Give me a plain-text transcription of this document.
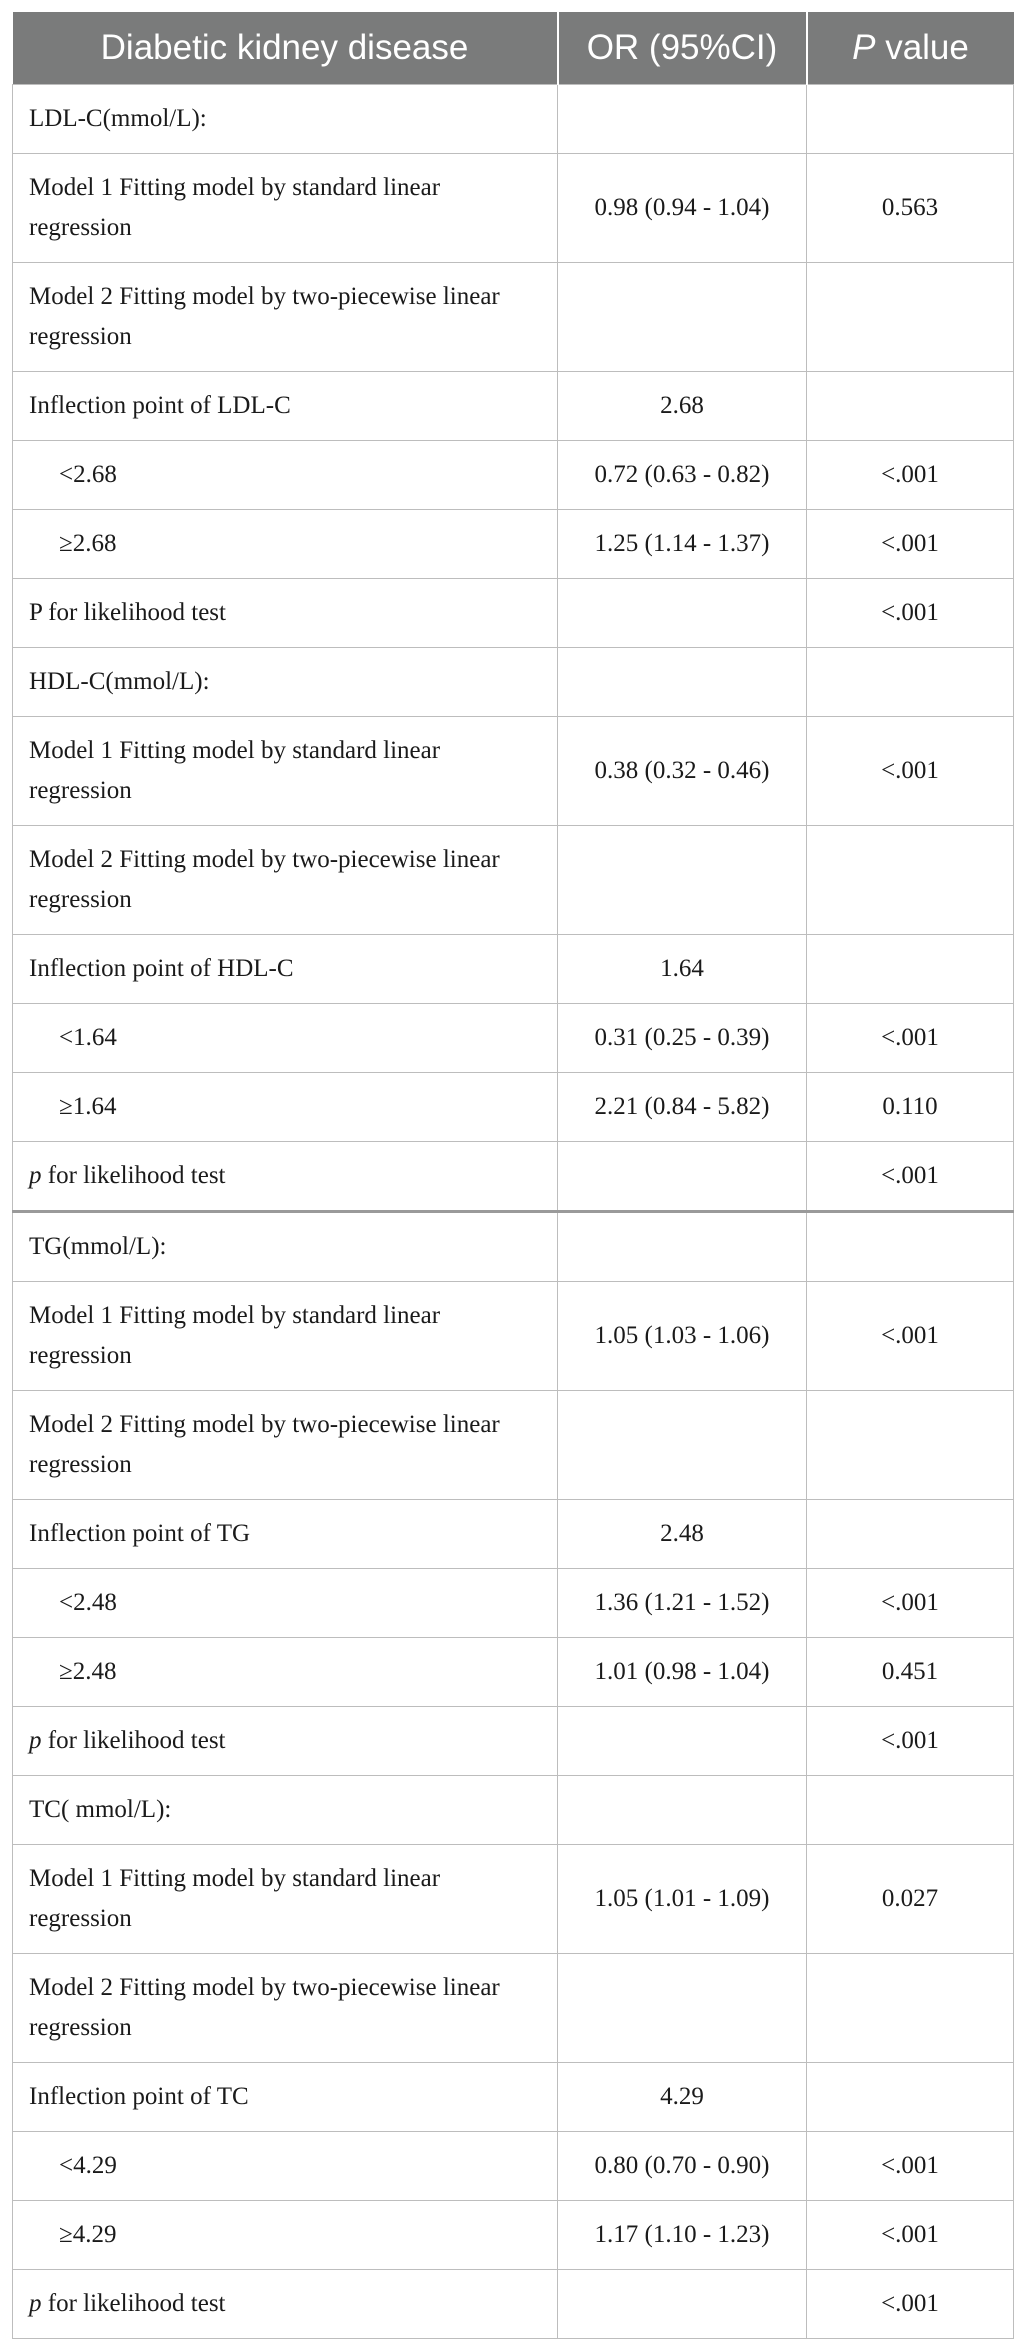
Diabetic kidney disease	OR (95%CI)	P value
LDL-C(mmol/L):		
Model 1 Fitting model by standard linear regression	0.98 (0.94 - 1.04)	0.563
Model 2 Fitting model by two-piecewise linear regression		
Inflection point of LDL-C	2.68	
<2.68	0.72 (0.63 - 0.82)	<.001
≥2.68	1.25 (1.14 - 1.37)	<.001
P for likelihood test		<.001
HDL-C(mmol/L):		
Model 1 Fitting model by standard linear regression	0.38 (0.32 - 0.46)	<.001
Model 2 Fitting model by two-piecewise linear regression		
Inflection point of HDL-C	1.64	
<1.64	0.31 (0.25 - 0.39)	<.001
≥1.64	2.21 (0.84 - 5.82)	0.110
p for likelihood test		<.001
TG(mmol/L):		
Model 1 Fitting model by standard linear regression	1.05 (1.03 - 1.06)	<.001
Model 2 Fitting model by two-piecewise linear regression		
Inflection point of TG	2.48	
<2.48	1.36 (1.21 - 1.52)	<.001
≥2.48	1.01 (0.98 - 1.04)	0.451
p for likelihood test		<.001
TC( mmol/L):		
Model 1 Fitting model by standard linear regression	1.05 (1.01 - 1.09)	0.027
Model 2 Fitting model by two-piecewise linear regression		
Inflection point of TC	4.29	
<4.29	0.80 (0.70 - 0.90)	<.001
≥4.29	1.17 (1.10 - 1.23)	<.001
p for likelihood test		<.001
